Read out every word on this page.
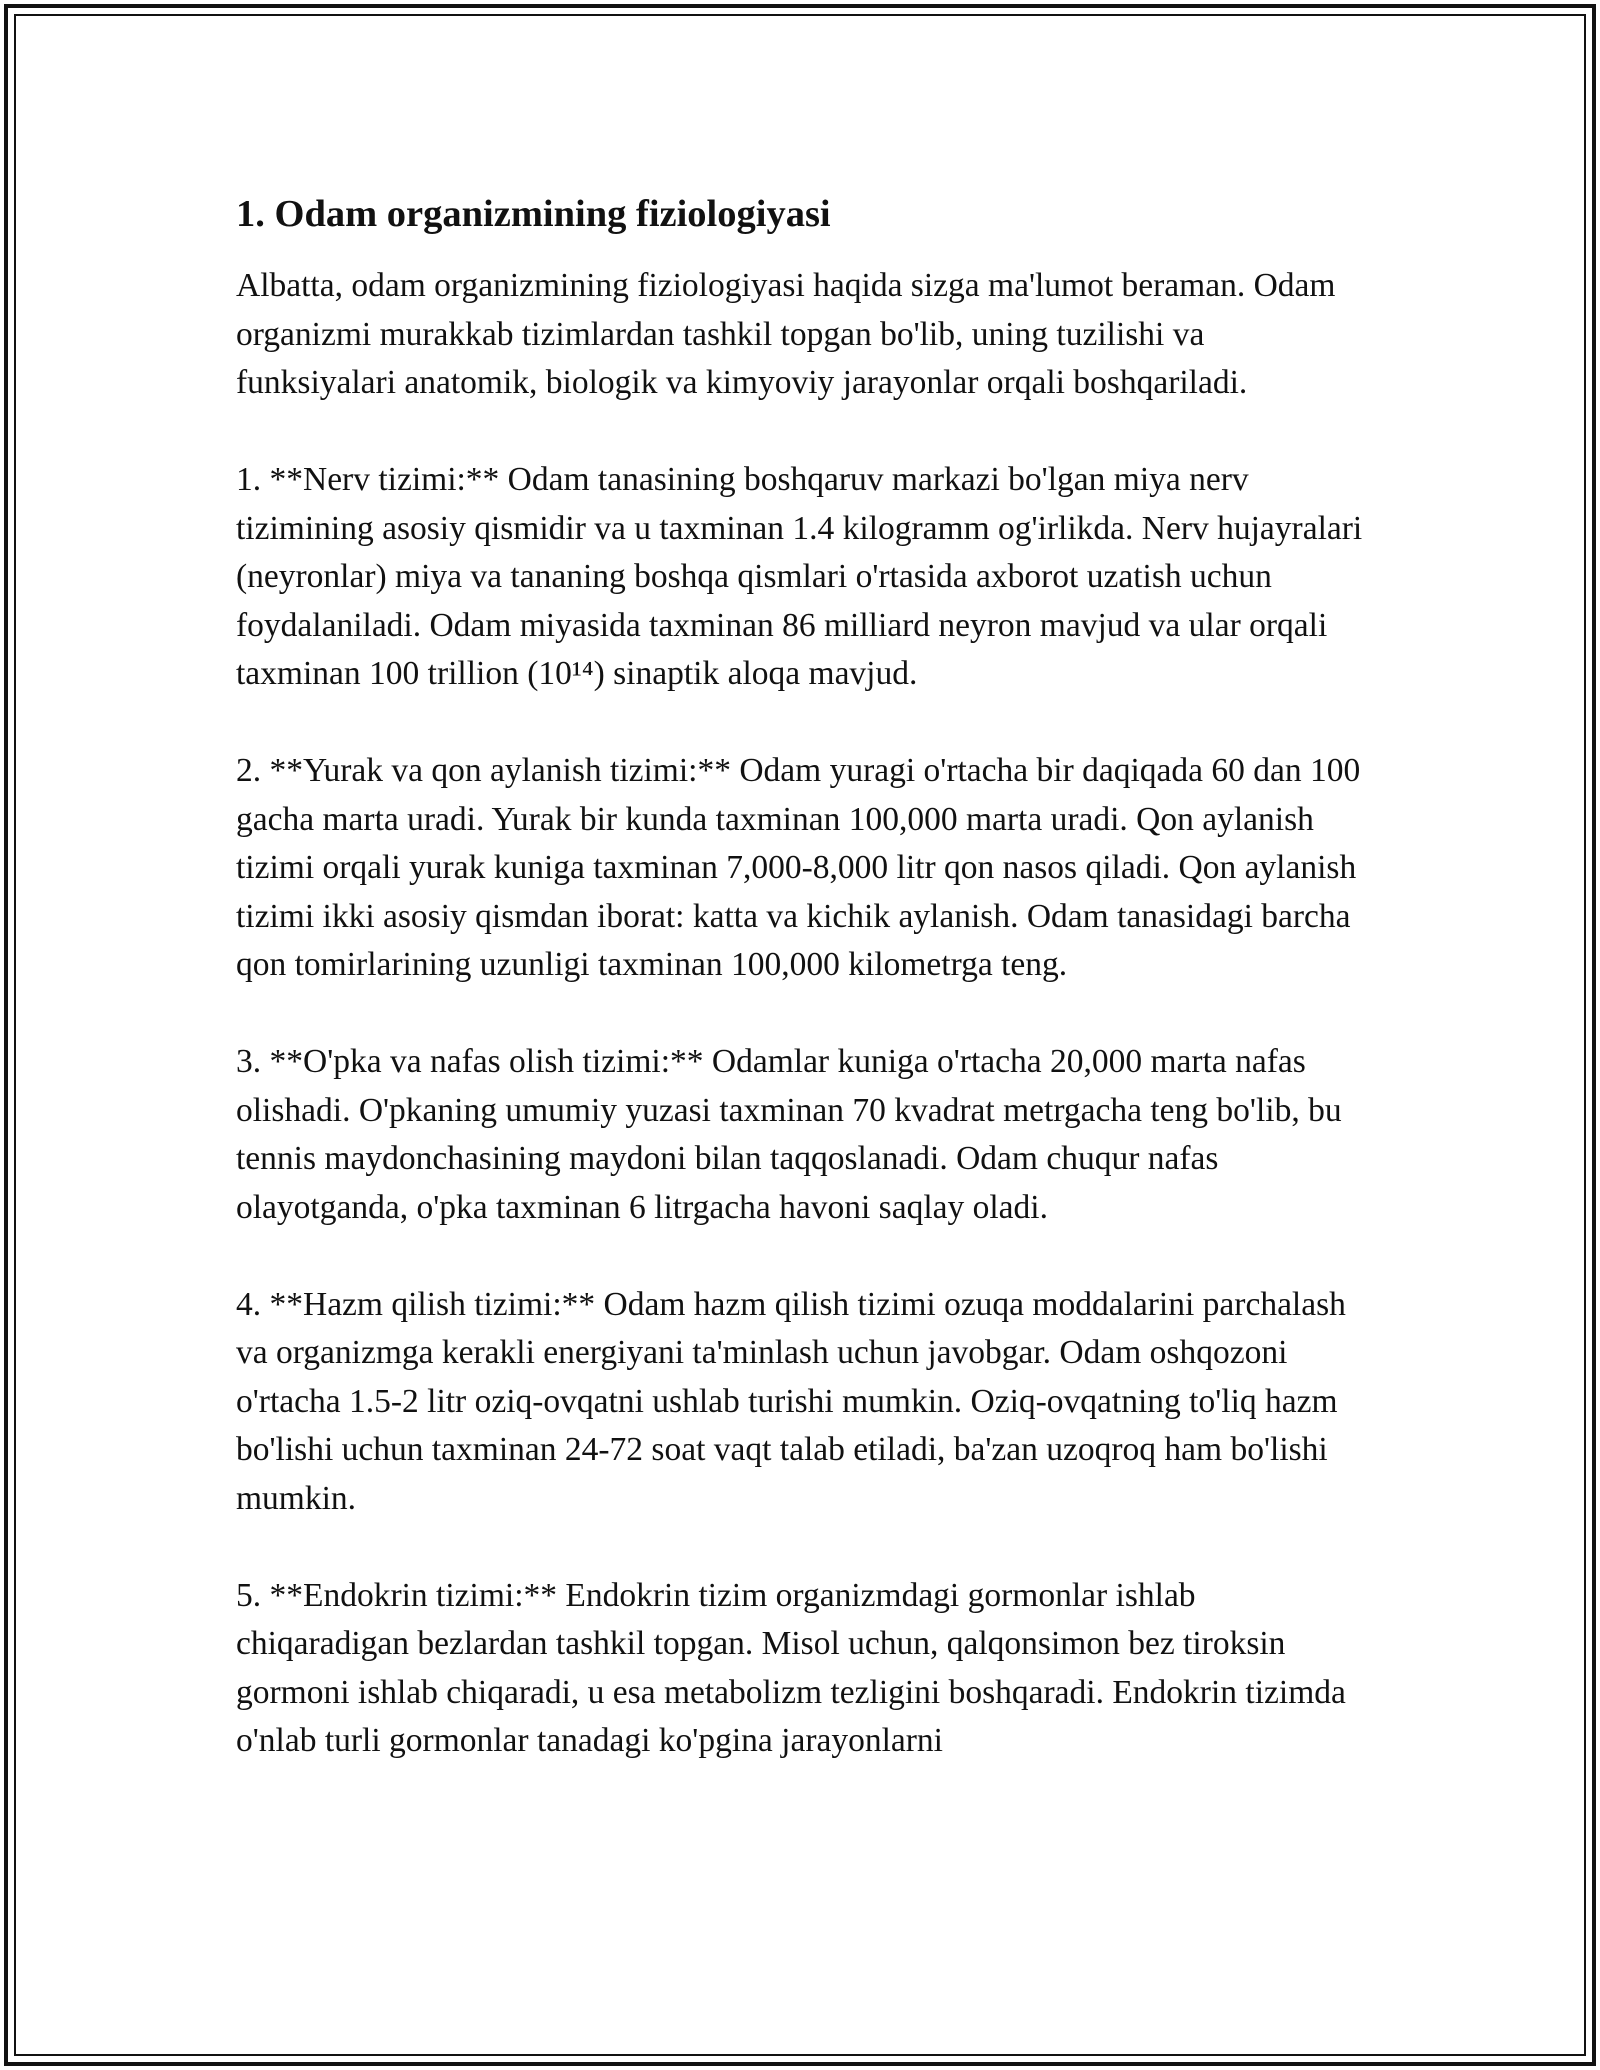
1. Odam organizmining fiziologiyasi

Albatta, odam organizmining fiziologiyasi haqida sizga ma'lumot beraman. Odam organizmi murakkab tizimlardan tashkil topgan bo'lib, uning tuzilishi va funksiyalari anatomik, biologik va kimyoviy jarayonlar orqali boshqariladi.

1. **Nerv tizimi:** Odam tanasining boshqaruv markazi bo'lgan miya nerv tizimining asosiy qismidir va u taxminan 1.4 kilogramm og'irlikda. Nerv hujayralari (neyronlar) miya va tananing boshqa qismlari o'rtasida axborot uzatish uchun foydalaniladi. Odam miyasida taxminan 86 milliard neyron mavjud va ular orqali taxminan 100 trillion (10¹⁴) sinaptik aloqa mavjud.

2. **Yurak va qon aylanish tizimi:** Odam yuragi o'rtacha bir daqiqada 60 dan 100 gacha marta uradi. Yurak bir kunda taxminan 100,000 marta uradi. Qon aylanish tizimi orqali yurak kuniga taxminan 7,000-8,000 litr qon nasos qiladi. Qon aylanish tizimi ikki asosiy qismdan iborat: katta va kichik aylanish. Odam tanasidagi barcha qon tomirlarining uzunligi taxminan 100,000 kilometrga teng.

3. **O'pka va nafas olish tizimi:** Odamlar kuniga o'rtacha 20,000 marta nafas olishadi. O'pkaning umumiy yuzasi taxminan 70 kvadrat metrgacha teng bo'lib, bu tennis maydonchasining maydoni bilan taqqoslanadi. Odam chuqur nafas olayotganda, o'pka taxminan 6 litrgacha havoni saqlay oladi.

4. **Hazm qilish tizimi:** Odam hazm qilish tizimi ozuqa moddalarini parchalash va organizmga kerakli energiyani ta'minlash uchun javobgar. Odam oshqozoni o'rtacha 1.5-2 litr oziq-ovqatni ushlab turishi mumkin. Oziq-ovqatning to'liq hazm bo'lishi uchun taxminan 24-72 soat vaqt talab etiladi, ba'zan uzoqroq ham bo'lishi mumkin.

5. **Endokrin tizimi:** Endokrin tizim organizmdagi gormonlar ishlab chiqaradigan bezlardan tashkil topgan. Misol uchun, qalqonsimon bez tiroksin gormoni ishlab chiqaradi, u esa metabolizm tezligini boshqaradi. Endokrin tizimda o'nlab turli gormonlar tanadagi ko'pgina jarayonlarni
